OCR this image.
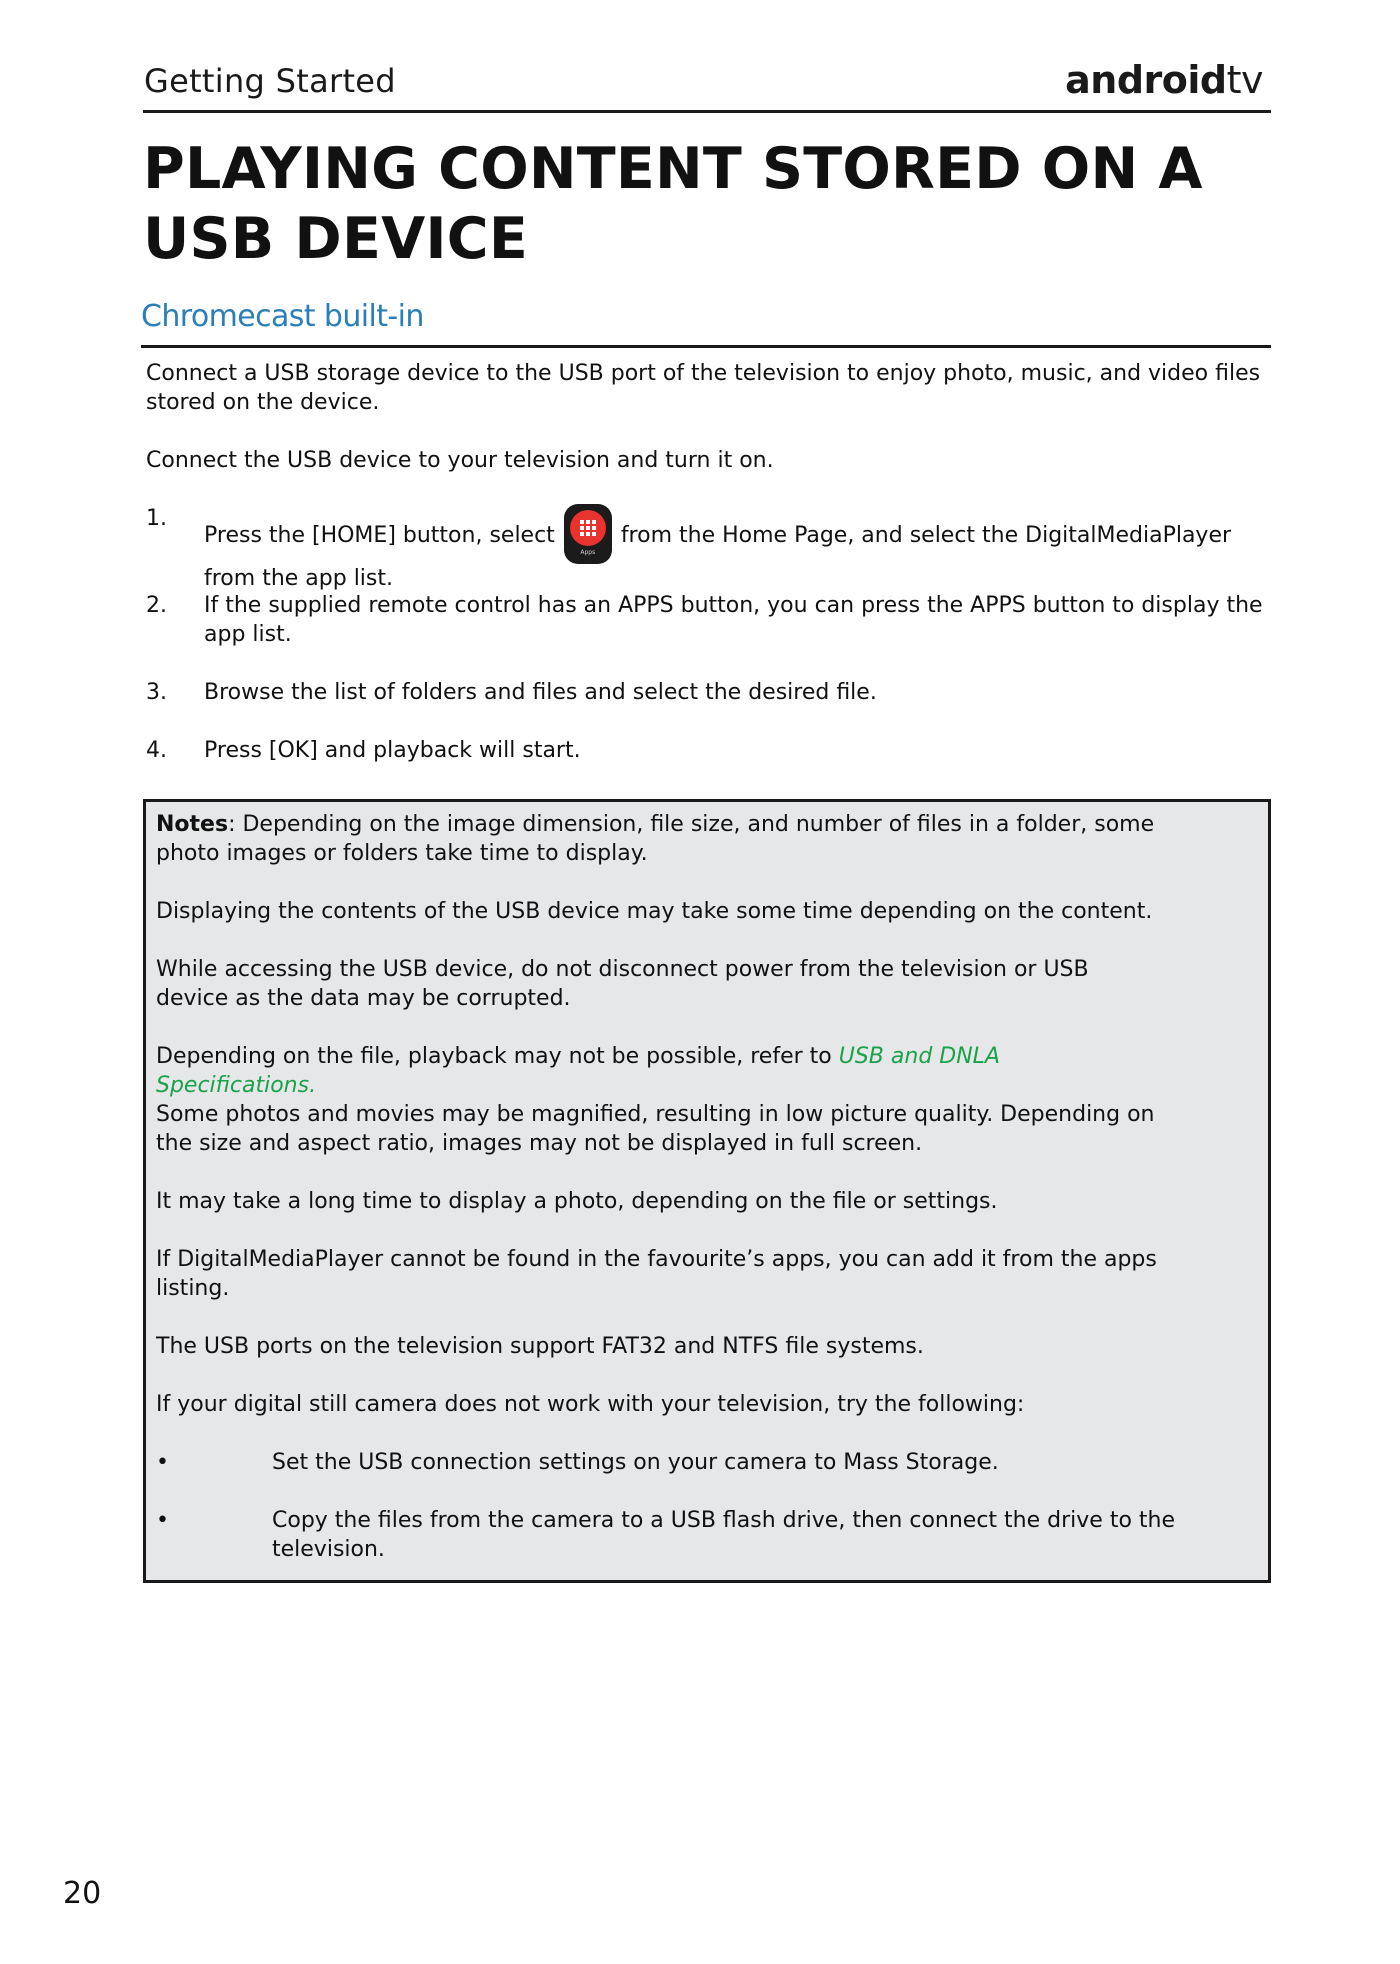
Getting Started	androidtv
PLAYING CONTENT STORED ON A USB DEVICE
Chromecast built-in

Connect a USB storage device to the USB port of the television to enjoy photo, music, and video files stored on the device.

Connect the USB device to your television and turn it on.

1.
Press the [HOME] button, select
Apps
from the Home Page, and select the DigitalMediaPlayer from the app list.
2. If the supplied remote control has an APPS button, you can press the APPS button to display the app list.
3. Browse the list of folders and files and select the desired file.
4. Press [OK] and playback will start.

Notes: Depending on the image dimension, file size, and number of files in a folder, some photo images or folders take time to display.

Displaying the contents of the USB device may take some time depending on the content.

While accessing the USB device, do not disconnect power from the television or USB device as the data may be corrupted.

Depending on the file, playback may not be possible, refer to USB and DNLA Specifications.

Some photos and movies may be magnified, resulting in low picture quality. Depending on the size and aspect ratio, images may not be displayed in full screen.

It may take a long time to display a photo, depending on the file or settings.

If DigitalMediaPlayer cannot be found in the favourite’s apps, you can add it from the apps listing.

The USB ports on the television support FAT32 and NTFS file systems.

If your digital still camera does not work with your television, try the following:

•	Set the USB connection settings on your camera to Mass Storage.
•	Copy the files from the camera to a USB flash drive, then connect the drive to the television.
20
